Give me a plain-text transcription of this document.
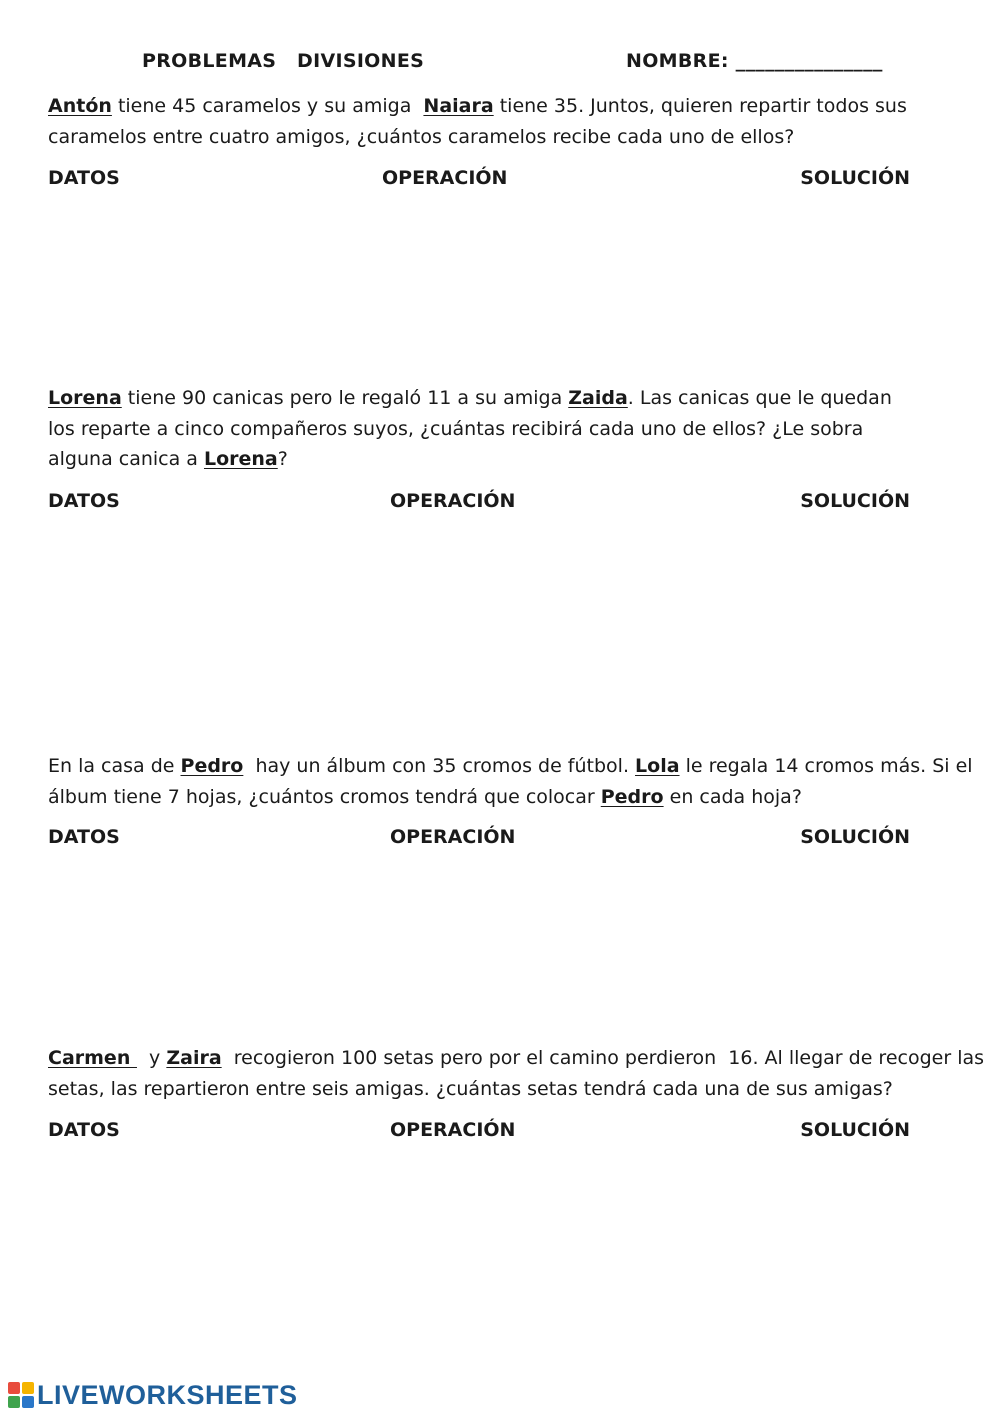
PROBLEMAS   DIVISIONES	NOMBRE: _______________
Antón tiene 45 caramelos y su amiga  Naiara tiene 35. Juntos, quieren repartir todos sus
caramelos entre cuatro amigos, ¿cuántos caramelos recibe cada uno de ellos?
DATOS	OPERACIÓN	SOLUCIÓN
Lorena tiene 90 canicas pero le regaló 11 a su amiga Zaida. Las canicas que le quedan
los reparte a cinco compañeros suyos, ¿cuántas recibirá cada uno de ellos? ¿Le sobra
alguna canica a Lorena?
DATOS	OPERACIÓN	SOLUCIÓN
En la casa de Pedro  hay un álbum con 35 cromos de fútbol. Lola le regala 14 cromos más. Si el
álbum tiene 7 hojas, ¿cuántos cromos tendrá que colocar Pedro en cada hoja?
DATOS	OPERACIÓN	SOLUCIÓN
Carmen   y Zaira  recogieron 100 setas pero por el camino perdieron  16. Al llegar de recoger las
setas, las repartieron entre seis amigas. ¿cuántas setas tendrá cada una de sus amigas?
DATOS	OPERACIÓN	SOLUCIÓN
LIVEWORKSHEETS
